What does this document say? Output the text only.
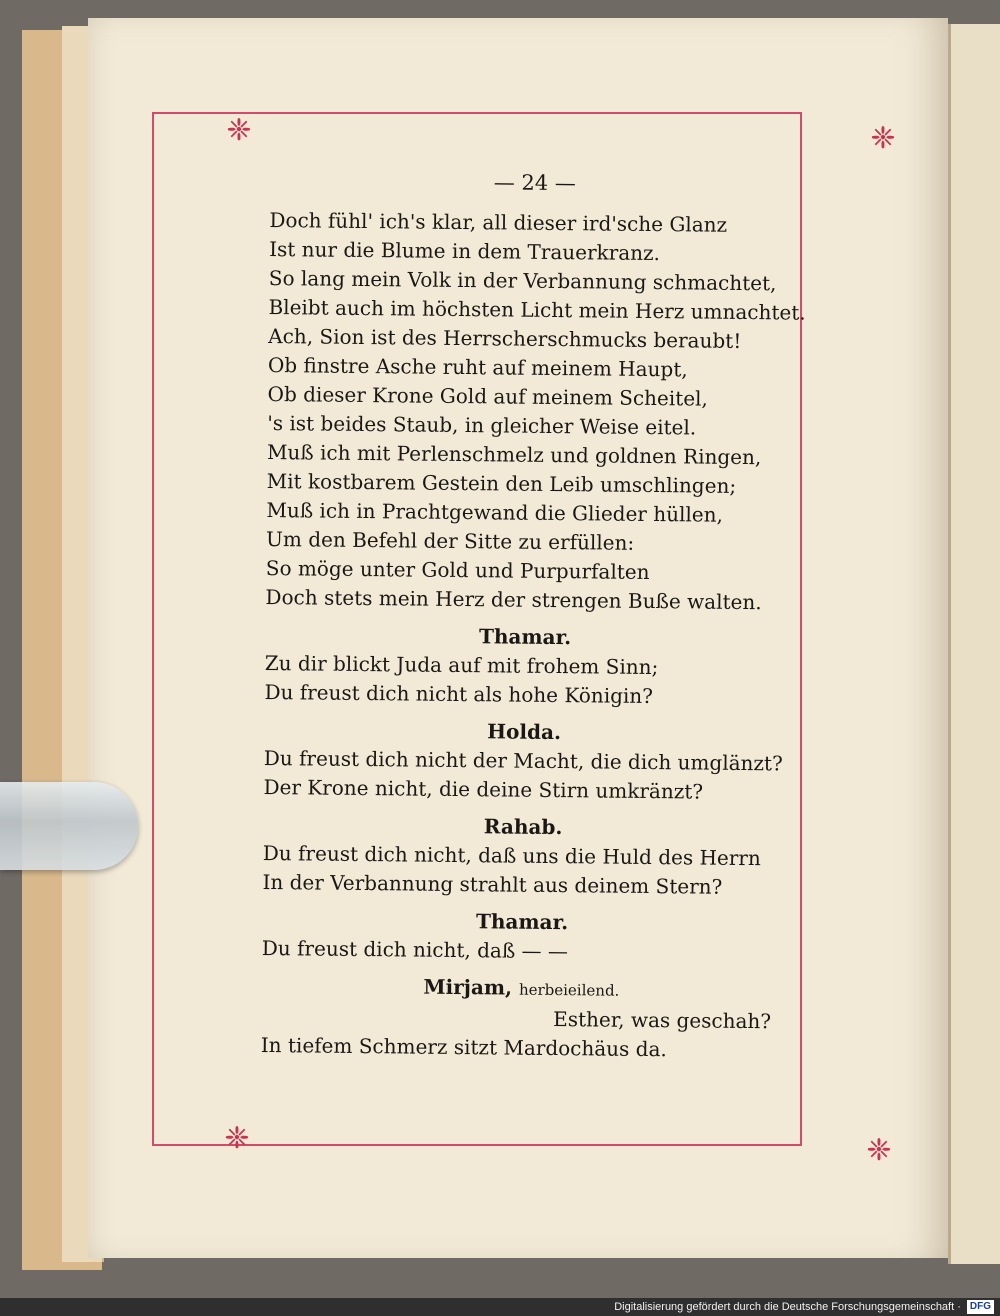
❈	❈
❈	❈
— 24 —
Doch fühl' ich's klar, all dieser ird'sche Glanz
Ist nur die Blume in dem Trauerkranz.
So lang mein Volk in der Verbannung schmachtet,
Bleibt auch im höchsten Licht mein Herz umnachtet.
Ach, Sion ist des Herrscherschmucks beraubt!
Ob finstre Asche ruht auf meinem Haupt,
Ob dieser Krone Gold auf meinem Scheitel,
's ist beides Staub, in gleicher Weise eitel.
Muß ich mit Perlenschmelz und goldnen Ringen,
Mit kostbarem Gestein den Leib umschlingen;
Muß ich in Prachtgewand die Glieder hüllen,
Um den Befehl der Sitte zu erfüllen:
So möge unter Gold und Purpurfalten
Doch stets mein Herz der strengen Buße walten.
Thamar.
Zu dir blickt Juda auf mit frohem Sinn;
Du freust dich nicht als hohe Königin?
Holda.
Du freust dich nicht der Macht, die dich umglänzt?
Der Krone nicht, die deine Stirn umkränzt?
Rahab.
Du freust dich nicht, daß uns die Huld des Herrn
In der Verbannung strahlt aus deinem Stern?
Thamar.
Du freust dich nicht, daß — —
Mirjam, herbeieilend.
Esther, was geschah?
In tiefem Schmerz sitzt Mardochäus da.
Digitalisierung gefördert durch die Deutsche Forschungsgemeinschaft · DFG
